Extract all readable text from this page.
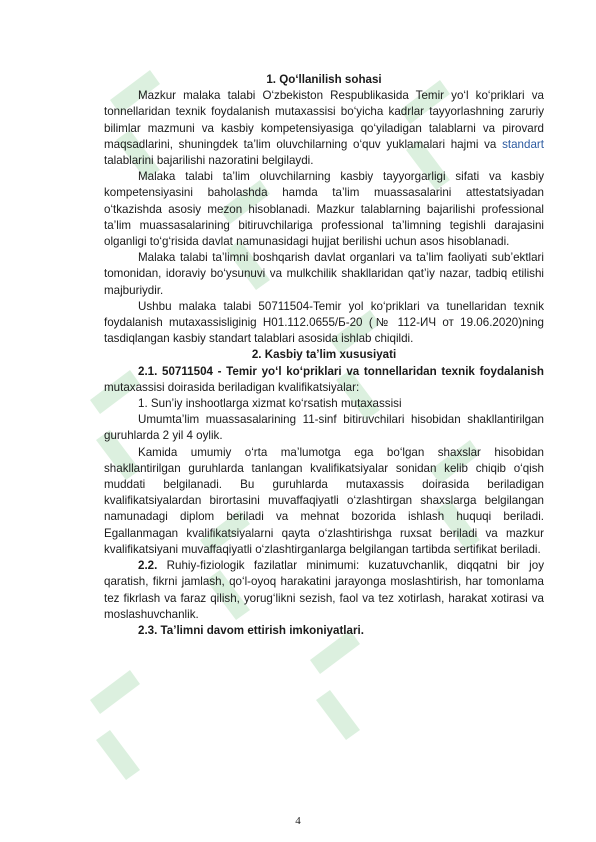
1. Qo‘llanilish sohasi

Mazkur malaka talabi O‘zbekiston Respublikasida Temir yo‘l ko‘priklari va tonnellaridan texnik foydalanish mutaxassisi bo‘yicha kadrlar tayyorlashning zaruriy bilimlar mazmuni va kasbiy kompetensiyasiga qo‘yiladigan talablarni va pirovard maqsadlarini, shuningdek ta’lim oluvchilarning o‘quv yuklamalari hajmi va standart talablarini bajarilishi nazoratini belgilaydi.

Malaka talabi ta’lim oluvchilarning kasbiy tayyorgarligi sifati va kasbiy kompetensiyasini baholashda hamda ta’lim muassasalarini attestatsiyadan o‘tkazishda asosiy mezon hisoblanadi. Mazkur talablarning bajarilishi professional ta’lim muassasalarining bitiruvchilariga professional ta’limning tegishli darajasini olganligi to‘g‘risida davlat namunasidagi hujjat berilishi uchun asos hisoblanadi.

Malaka talabi ta’limni boshqarish davlat organlari va ta’lim faoliyati sub’ektlari tomonidan, idoraviy bo‘ysunuvi va mulkchilik shakllaridan qat’iy nazar, tadbiq etilishi majburiydir.

Ushbu malaka talabi 50711504-Temir yol ko‘priklari va tunellaridan texnik foydalanish mutaxassisliginig H01.112.0655/Б-20 (№ 112-ИЧ от 19.06.2020)ning tasdiqlangan kasbiy standart talablari asosida ishlab chiqildi.

2. Kasbiy ta’lim xususiyati

2.1. 50711504 - Temir yo‘l ko‘priklari va tonnellaridan texnik foydalanish mutaxassisi doirasida beriladigan kvalifikatsiyalar:

1. Sun’iy inshootlarga xizmat ko‘rsatish mutaxassisi

Umumta’lim muassasalarining 11-sinf bitiruvchilari hisobidan shakllantirilgan guruhlarda 2 yil 4 oylik.

Kamida umumiy o‘rta ma’lumotga ega bo‘lgan shaxslar hisobidan shakllantirilgan guruhlarda tanlangan kvalifikatsiyalar sonidan kelib chiqib o‘qish muddati belgilanadi. Bu guruhlarda mutaxassis doirasida beriladigan kvalifikatsiyalardan birortasini muvaffaqiyatli o‘zlashtirgan shaxslarga belgilangan namunadagi diplom beriladi va mehnat bozorida ishlash huquqi beriladi. Egallanmagan kvalifikatsiyalarni qayta o‘zlashtirishga ruxsat beriladi va mazkur kvalifikatsiyani muvaffaqiyatli o‘zlashtirganlarga belgilangan tartibda sertifikat beriladi.

2.2. Ruhiy-fiziologik fazilatlar minimumi: kuzatuvchanlik, diqqatni bir joy qaratish, fikrni jamlash, qo‘l-oyoq harakatini jarayonga moslashtirish, har tomonlama tez fikrlash va faraz qilish, yorug‘likni sezish, faol va tez xotirlash, harakat xotirasi va moslashuvchanlik.

2.3. Ta’limni davom ettirish imkoniyatlari.

4
